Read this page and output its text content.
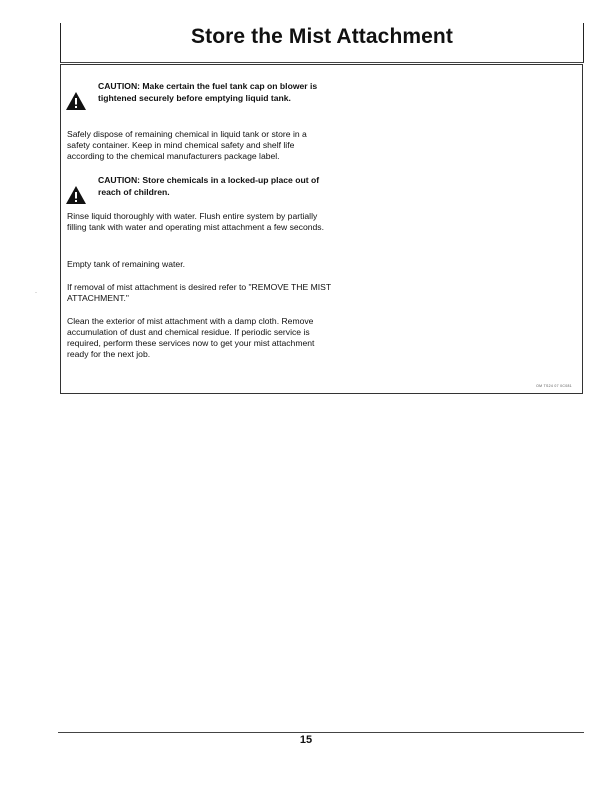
Store the Mist Attachment
CAUTION: Make certain the fuel tank cap on blower is tightened securely before emptying liquid tank.

Safely dispose of remaining chemical in liquid tank or store in a safety container. Keep in mind chemical safety and shelf life according to the chemical manufacturers package label.

CAUTION: Store chemicals in a locked-up place out of reach of children.

Rinse liquid thoroughly with water. Flush entire system by partially filling tank with water and operating mist attachment a few seconds.

Empty tank of remaining water.

If removal of mist attachment is desired refer to "REMOVE THE MIST ATTACHMENT."

Clean the exterior of mist attachment with a damp cloth. Remove accumulation of dust and chemical residue. If periodic service is required, perform these services now to get your mist attachment ready for the next job.

OM TS24 07 0C081
-
15
